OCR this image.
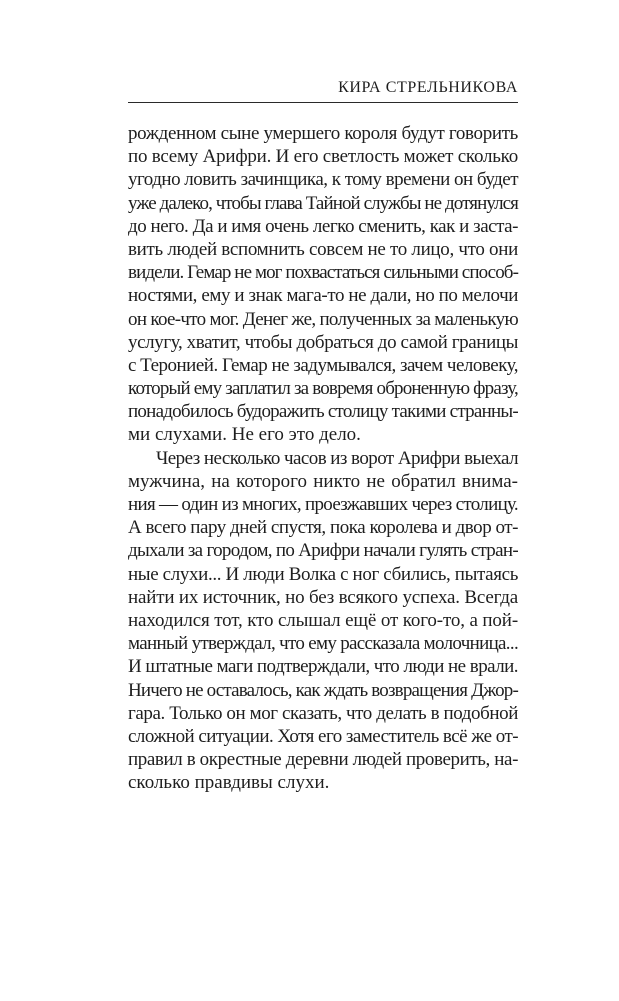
КИРА СТРЕЛЬНИКОВА
рожденном сыне умершего короля будут говорить
по всему Арифри. И его светлость может сколько
угодно ловить зачинщика, к тому времени он будет
уже далеко, чтобы глава Тайной службы не дотянулся
до него. Да и имя очень легко сменить, как и заста-
вить людей вспомнить совсем не то лицо, что они
видели. Гемар не мог похвастаться сильными способ-
ностями, ему и знак мага-то не дали, но по мелочи
он кое-что мог. Денег же, полученных за маленькую
услугу, хватит, чтобы добраться до самой границы
с Теронией. Гемар не задумывался, зачем человеку,
который ему заплатил за вовремя оброненную фразу,
понадобилось будоражить столицу такими странны-
ми слухами. Не его это дело.
Через несколько часов из ворот Арифри выехал
мужчина, на которого никто не обратил внима-
ния — один из многих, проезжавших через столицу.
А всего пару дней спустя, пока королева и двор от-
дыхали за городом, по Арифри начали гулять стран-
ные слухи... И люди Волка с ног сбились, пытаясь
найти их источник, но без всякого успеха. Всегда
находился тот, кто слышал ещё от кого-то, а пой-
манный утверждал, что ему рассказала молочница...
И штатные маги подтверждали, что люди не врали.
Ничего не оставалось, как ждать возвращения Джор-
гара. Только он мог сказать, что делать в подобной
сложной ситуации. Хотя его заместитель всё же от-
правил в окрестные деревни людей проверить, на-
сколько правдивы слухи.
